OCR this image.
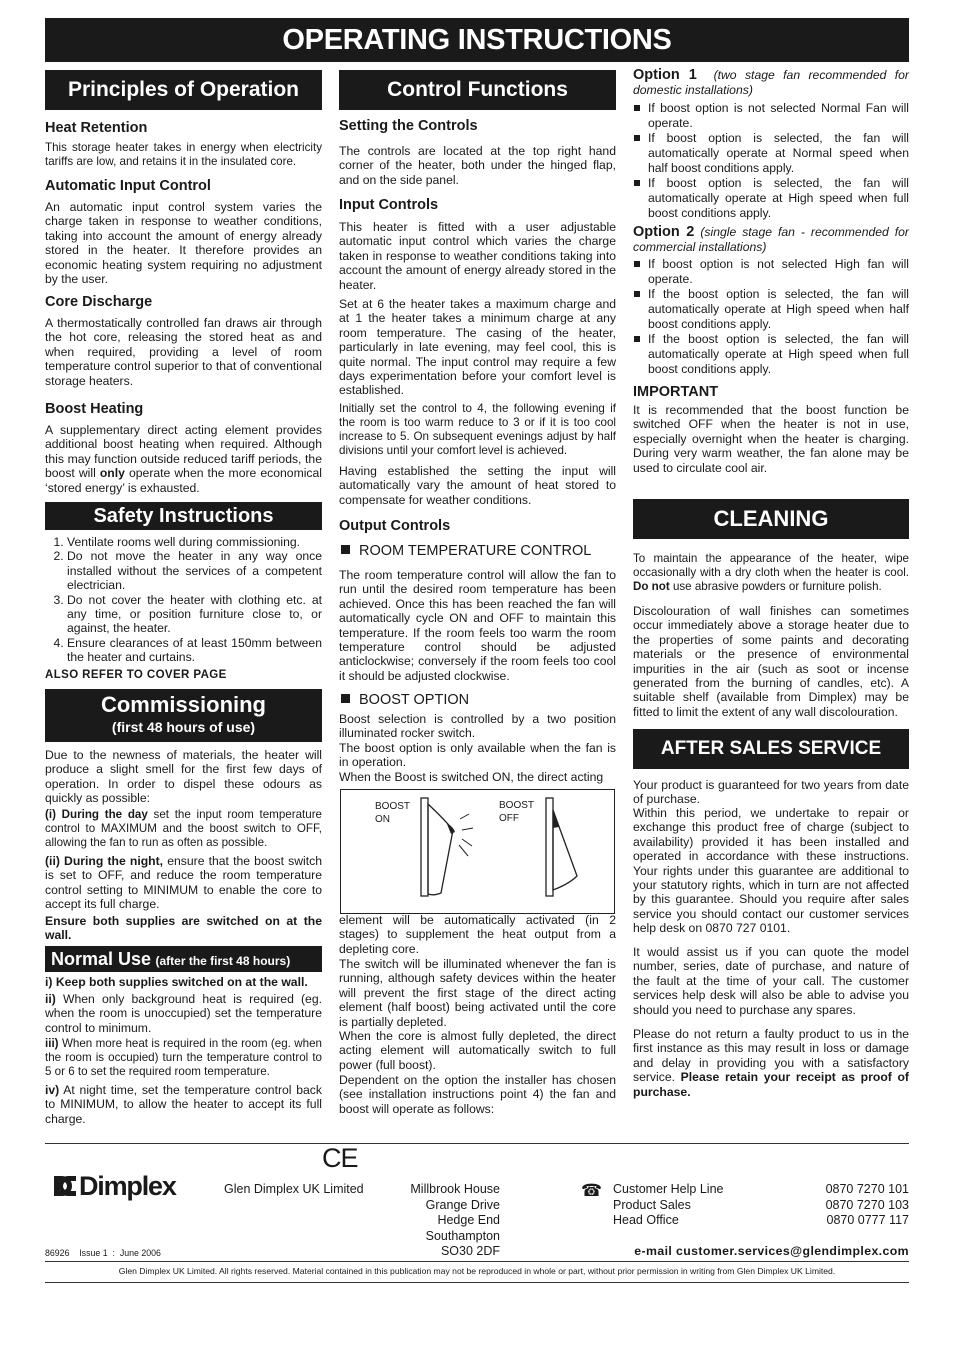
OPERATING INSTRUCTIONS
Principles of Operation
Heat Retention

This storage heater takes in energy when electricity tariffs are low, and retains it in the insulated core.

Automatic Input Control

An automatic input control system varies the charge taken in response to weather conditions, taking into account the amount of energy already stored in the heater. It therefore provides an economic heating system requiring no adjustment by the user.

Core Discharge

A thermostatically controlled fan draws air through the hot core, releasing the stored heat as and when required, providing a level of room temperature control superior to that of conventional storage heaters.

Boost Heating

A supplementary direct acting element provides additional boost heating when required. Although this may function outside reduced tariff periods, the boost will only operate when the more economical ‘stored energy’ is exhausted.

Safety Instructions
1. Ventilate rooms well during commissioning.
2. Do not move the heater in any way once installed without the services of a competent electrician.
3. Do not cover the heater with clothing etc. at any time, or position furniture close to, or against, the heater.
4. Ensure clearances of at least 150mm between the heater and curtains.
ALSO REFER TO COVER PAGE
Commissioning
(first 48 hours of use)

Due to the newness of materials, the heater will produce a slight smell for the first few days of operation. In order to dispel these odours as quickly as possible:

(i) During the day set the input room temperature control to MAXIMUM and the boost switch to OFF, allowing the fan to run as often as possible.

(ii) During the night, ensure that the boost switch is set to OFF, and reduce the room temperature control setting to MINIMUM to enable the core to accept its full charge.

Ensure both supplies are switched on at the wall.

Normal Use (after the first 48 hours)

i) Keep both supplies switched on at the wall.

ii) When only background heat is required (eg. when the room is unoccupied) set the temperature control to minimum.

iii) When more heat is required in the room (eg. when the room is occupied) turn the temperature control to 5 or 6 to set the required room temperature.

iv) At night time, set the temperature control back to MINIMUM, to allow the heater to accept its full charge.

Control Functions
Setting the Controls

The controls are located at the top right hand corner of the heater, both under the hinged flap, and on the side panel.

Input Controls

This heater is fitted with a user adjustable automatic input control which varies the charge taken in response to weather conditions taking into account the amount of energy already stored in the heater.

Set at 6 the heater takes a maximum charge and at 1 the heater takes a minimum charge at any room temperature. The casing of the heater, particularly in late evening, may feel cool, this is quite normal. The input control may require a few days experimentation before your comfort level is established.

Initially set the control to 4, the following evening if the room is too warm reduce to 3 or if it is too cool increase to 5. On subsequent evenings adjust by half divisions until your comfort level is achieved.

Having established the setting the input will automatically vary the amount of heat stored to compensate for weather conditions.

Output Controls
ROOM TEMPERATURE CONTROL

The room temperature control will allow the fan to run until the desired room temperature has been achieved. Once this has been reached the fan will automatically cycle ON and OFF to maintain this temperature. If the room feels too warm the room temperature control should be adjusted anticlockwise; conversely if the room feels too cool it should be adjusted clockwise.

BOOST OPTION

Boost selection is controlled by a two position illuminated rocker switch.

The boost option is only available when the fan is in operation.

When the Boost is switched ON, the direct acting

BOOST
ON
BOOST
OFF

element will be automatically activated (in 2 stages) to supplement the heat output from a depleting core.

The switch will be illuminated whenever the fan is running, although safety devices within the heater will prevent the first stage of the direct acting element (half boost) being activated until the core is partially depleted.

When the core is almost fully depleted, the direct acting element will automatically switch to full power (full boost).

Dependent on the option the installer has chosen (see installation instructions point 4) the fan and boost will operate as follows:

Option 1 (two stage fan recommended for domestic installations)

If boost option is not selected Normal Fan will operate.
If boost option is selected, the fan will automatically operate at Normal speed when half boost conditions apply.
If boost option is selected, the fan will automatically operate at High speed when full boost conditions apply.

Option 2 (single stage fan - recommended for commercial installations)

If boost option is not selected High fan will operate.
If the boost option is selected, the fan will automatically operate at High speed when half boost conditions apply.
If the boost option is selected, the fan will automatically operate at High speed when full boost conditions apply.
IMPORTANT

It is recommended that the boost function be switched OFF when the heater is not in use, especially overnight when the heater is charging. During very warm weather, the fan alone may be used to circulate cool air.

CLEANING

To maintain the appearance of the heater, wipe occasionally with a dry cloth when the heater is cool. Do not use abrasive powders or furniture polish.

Discolouration of wall finishes can sometimes occur immediately above a storage heater due to the properties of some paints and decorating materials or the presence of environmental impurities in the air (such as soot or incense generated from the burning of candles, etc). A suitable shelf (available from Dimplex) may be fitted to limit the extent of any wall discolouration.

AFTER SALES SERVICE

Your product is guaranteed for two years from date of purchase.

Within this period, we undertake to repair or exchange this product free of charge (subject to availability) provided it has been installed and operated in accordance with these instructions. Your rights under this guarantee are additional to your statutory rights, which in turn are not affected by this guarantee. Should you require after sales service you should contact our customer services help desk on 0870 727 0101.

It would assist us if you can quote the model number, series, date of purchase, and nature of the fault at the time of your call. The customer services help desk will also be able to advise you should you need to purchase any spares.

Please do not return a faulty product to us in the first instance as this may result in loss or damage and delay in providing you with a satisfactory service. Please retain your receipt as proof of purchase.

CE
Dimplex	Glen Dimplex UK Limited	Millbrook House
Grange Drive
Hedge End
Southampton
SO30 2DF
☎ Customer Help Line	0870 7270 101
Product Sales	0870 7270 103
Head Office	0870 0777 117
e-mail customer.services@glendimplex.com
86926    Issue 1  :  June 2006
Glen Dimplex UK Limited. All rights reserved. Material contained in this publication may not be reproduced in whole or part, without prior permission in writing from Glen Dimplex UK Limited.
